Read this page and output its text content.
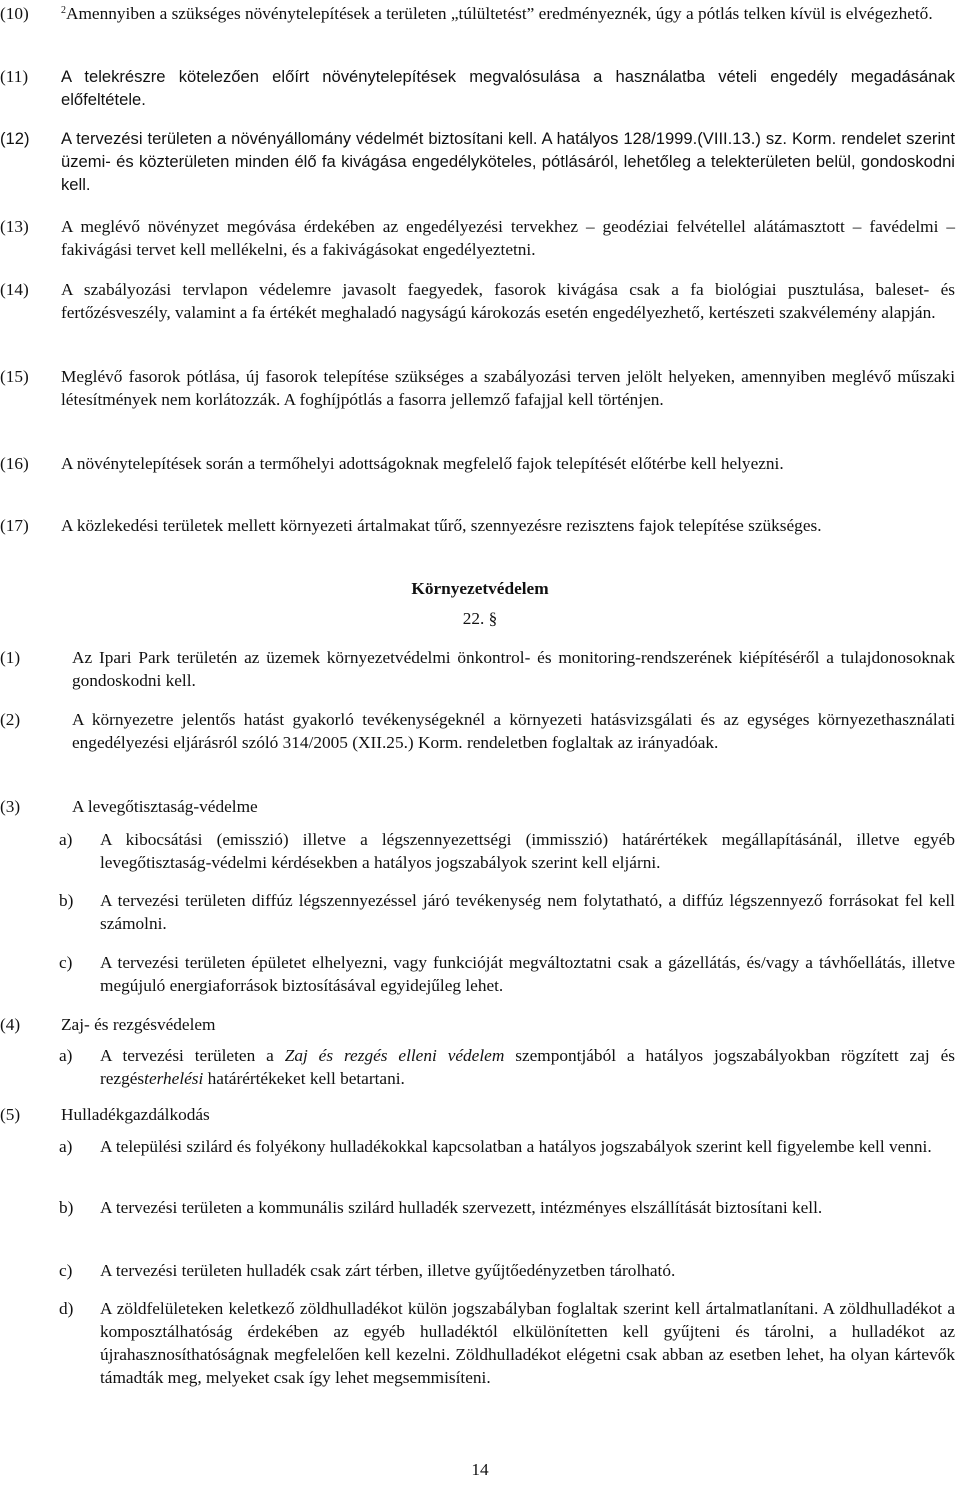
(10)	$^2$Amennyiben a szükséges növénytelepítések a területen „túlültetést” eredményeznék, úgy a pótlás telken kívül is elvégezhető.
(11) A telekrészre kötelezően előírt növénytelepítések megvalósulása a használatba vételi engedély megadásának előfeltétele.
(12) A tervezési területen a növényállomány védelmét biztosítani kell. A hatályos 128/1999.(VIII.13.) sz. Korm. rendelet szerint üzemi- és közterületen minden élő fa kivágása engedélyköteles, pótlásáról, lehetőleg a telekterületen belül, gondoskodni kell.
(13) A meglévő növényzet megóvása érdekében az engedélyezési tervekhez – geodéziai felvétellel alátámasztott – favédelmi – fakivágási tervet kell mellékelni, és a fakivágásokat engedélyeztetni.
(14) A szabályozási tervlapon védelemre javasolt faegyedek, fasorok kivágása csak a fa biológiai pusztulása, baleset- és fertőzésveszély, valamint a fa értékét meghaladó nagyságú károkozás esetén engedélyezhető, kertészeti szakvélemény alapján.
(15) Meglévő fasorok pótlása, új fasorok telepítése szükséges a szabályozási terven jelölt helyeken, amennyiben meglévő műszaki létesítmények nem korlátozzák. A foghíjpótlás a fasorra jellemző fafajjal kell történjen.
(16) A növénytelepítések során a termőhelyi adottságoknak megfelelő fajok telepítését előtérbe kell helyezni.
(17) A közlekedési területek mellett környezeti ártalmakat tűrő, szennyezésre rezisztens fajok telepítése szükséges.
Környezetvédelem
22. §
(1)	Az Ipari Park területén az üzemek környezetvédelmi önkontrol- és monitoring-rendszerének kiépítéséről a tulajdonosoknak gondoskodni kell.
(2)	A környezetre jelentős hatást gyakorló tevékenységeknél a környezeti hatásvizsgálati és az egységes környezethasználati engedélyezési eljárásról szóló 314/2005 (XII.25.) Korm. rendeletben foglaltak az irányadóak.
(3)	A levegőtisztaság-védelme
a) A kibocsátási (emisszió) illetve a légszennyezettségi (immisszió) határértékek megállapításánál, illetve egyéb levegőtisztaság-védelmi kérdésekben a hatályos jogszabályok szerint kell eljárni.
b) A tervezési területen diffúz légszennyezéssel járó tevékenység nem folytatható, a diffúz légszennyező forrásokat fel kell számolni.
c) A tervezési területen épületet elhelyezni, vagy funkcióját megváltoztatni csak a gázellátás, és/vagy a távhőellátás, illetve megújuló energiaforrások biztosításával egyidejűleg lehet.
(4) Zaj- és rezgésvédelem
a) A tervezési területen a Zaj és rezgés elleni védelem szempontjából a hatályos jogszabályokban rögzített zaj és rezgésterhelési határértékeket kell betartani.
(5) Hulladékgazdálkodás
a) A települési szilárd és folyékony hulladékokkal kapcsolatban a hatályos jogszabályok szerint kell figyelembe kell venni.
b) A tervezési területen a kommunális szilárd hulladék szervezett, intézményes elszállítását biztosítani kell.
c) A tervezési területen hulladék csak zárt térben, illetve gyűjtőedényzetben tárolható.
d) A zöldfelületeken keletkező zöldhulladékot külön jogszabályban foglaltak szerint kell ártalmatlanítani. A zöldhulladékot a komposztálhatóság érdekében az egyéb hulladéktól elkülönítetten kell gyűjteni és tárolni, a hulladékot az újrahasznosíthatóságnak megfelelően kell kezelni. Zöldhulladékot elégetni csak abban az esetben lehet, ha olyan kártevők támadták meg, melyeket csak így lehet megsemmisíteni.
14
